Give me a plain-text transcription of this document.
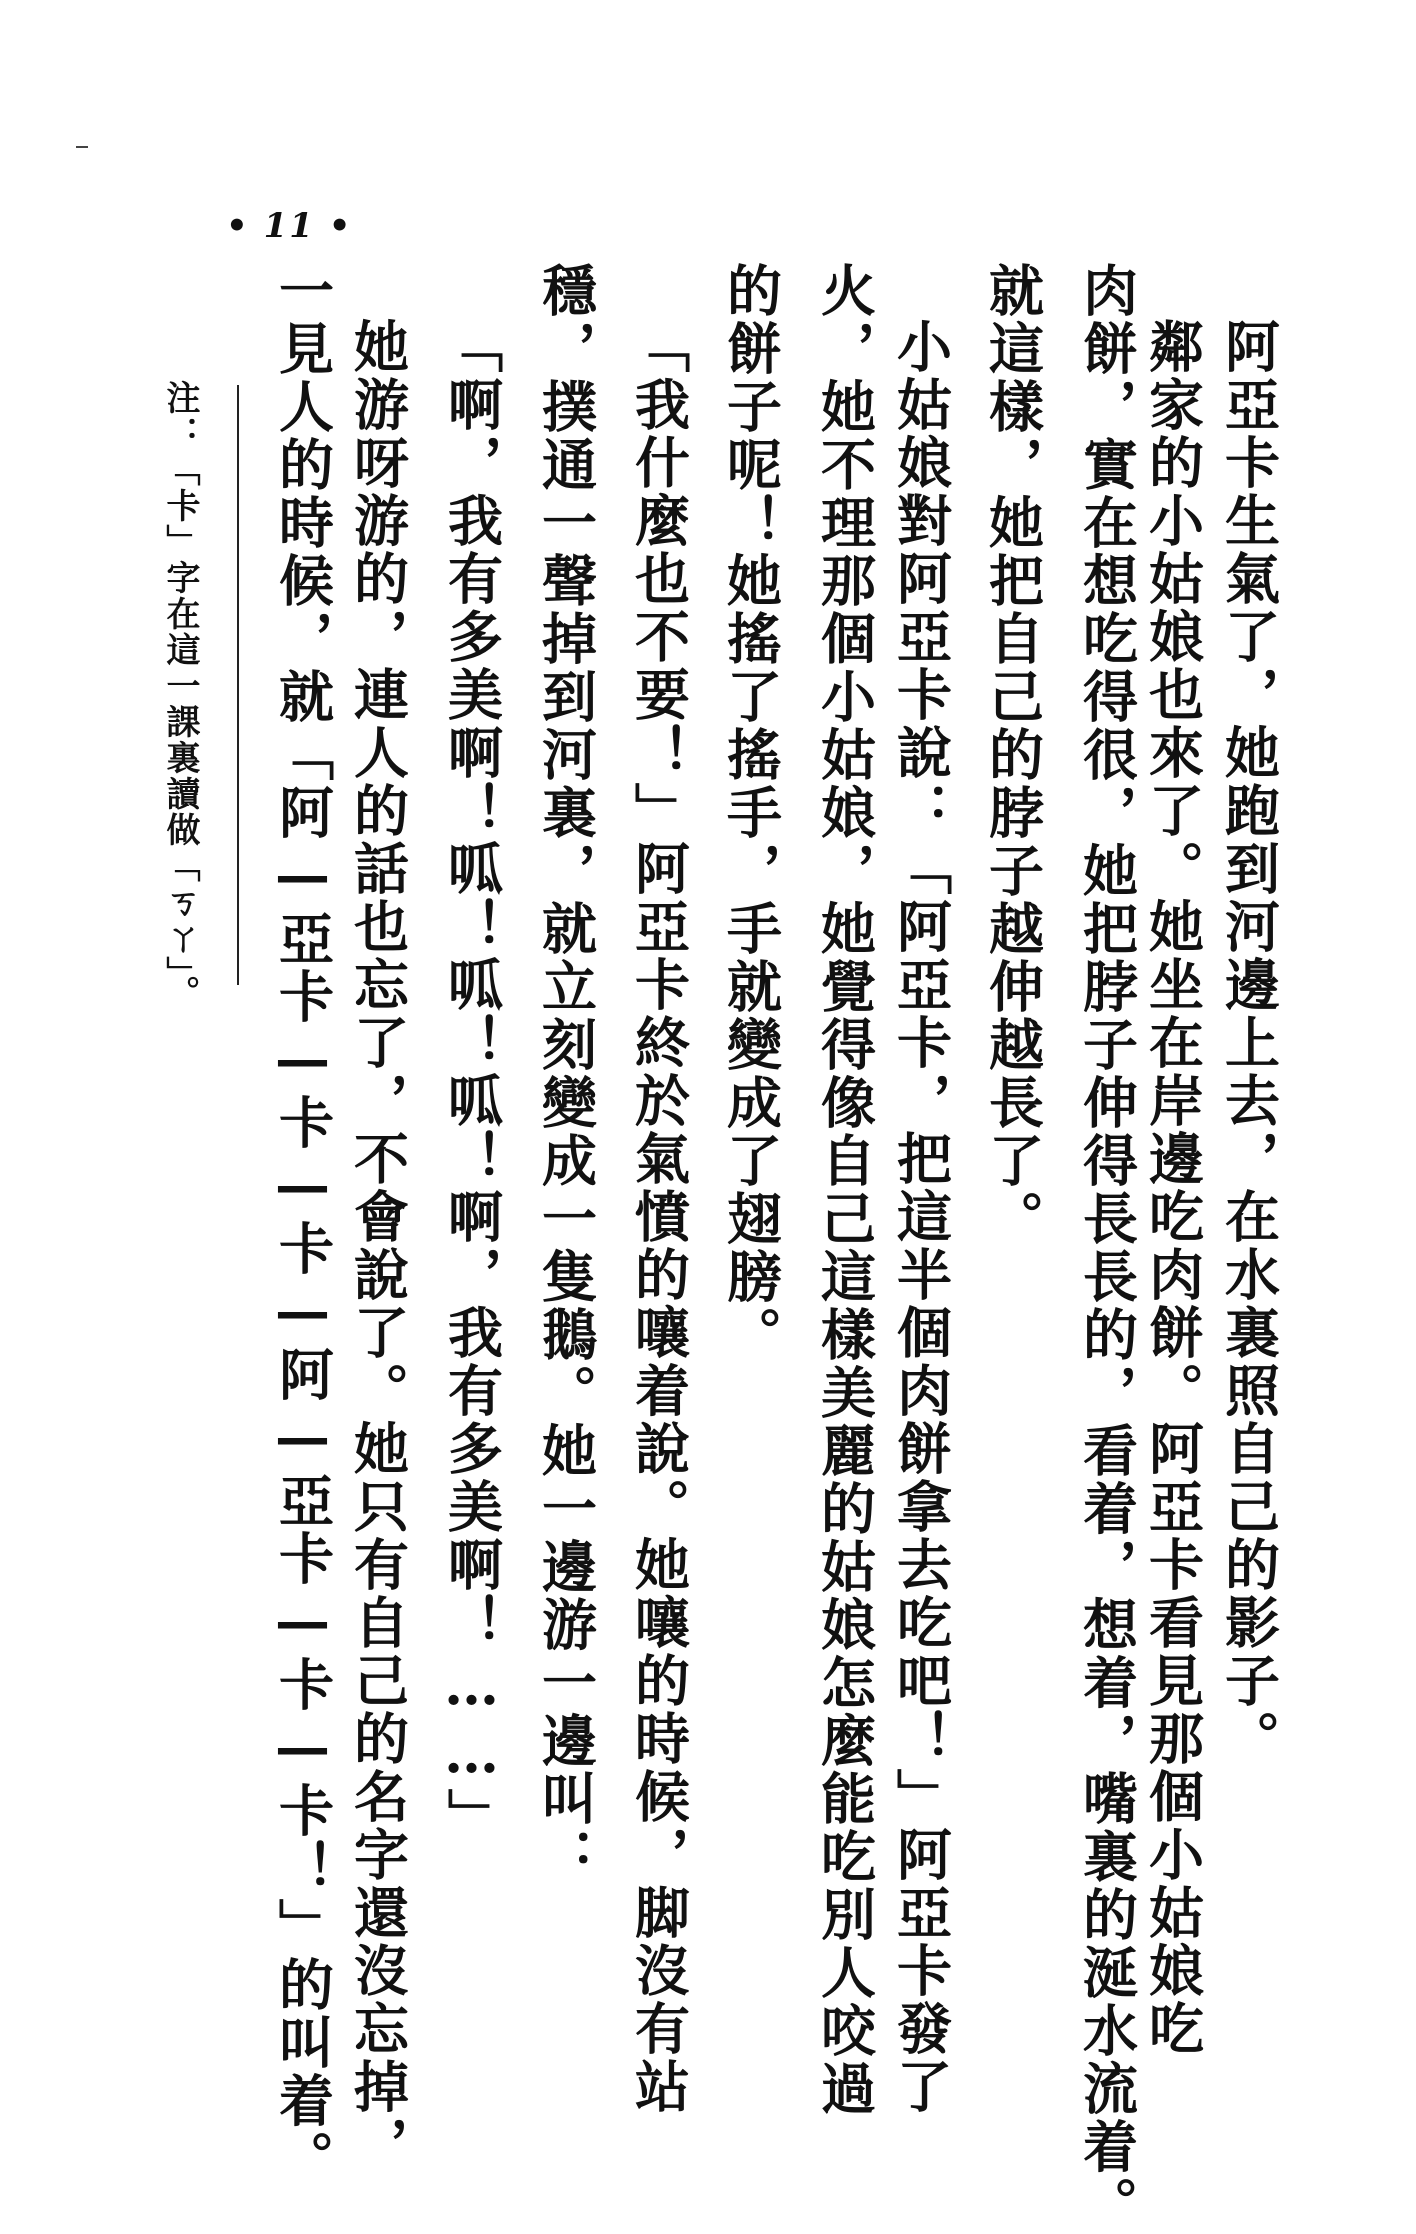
• 11 •
阿亞卡生氣了，她跑到河邊上去，在水裏照自己的影子。
鄰家的小姑娘也來了。她坐在岸邊吃肉餅。阿亞卡看見那個小姑娘吃
肉餅，實在想吃得很，她把脖子伸得長長的，看着，想着，嘴裏的涎水流着。
就這樣，她把自己的脖子越伸越長了。
小姑娘對阿亞卡說：「阿亞卡，把這半個肉餅拿去吃吧！」阿亞卡發了
火，她不理那個小姑娘，她覺得像自己這樣美麗的姑娘怎麼能吃別人咬過
的餅子呢！她搖了搖手，手就變成了翅膀。
「我什麼也不要！」阿亞卡終於氣憤的嚷着說。她嚷的時候，脚沒有站
穩，撲通一聲掉到河裏，就立刻變成一隻鵝。她一邊游一邊叫：
「啊，我有多美啊！呱！呱！呱！啊，我有多美啊！……」
她游呀游的，連人的話也忘了，不會說了。她只有自己的名字還沒忘掉，
一見人的時候，就「阿—亞卡—卡—卡—阿—亞卡—卡—卡！」的叫着。
注：「卡」字在這一課裏讀做「ㄎㄚ」。
